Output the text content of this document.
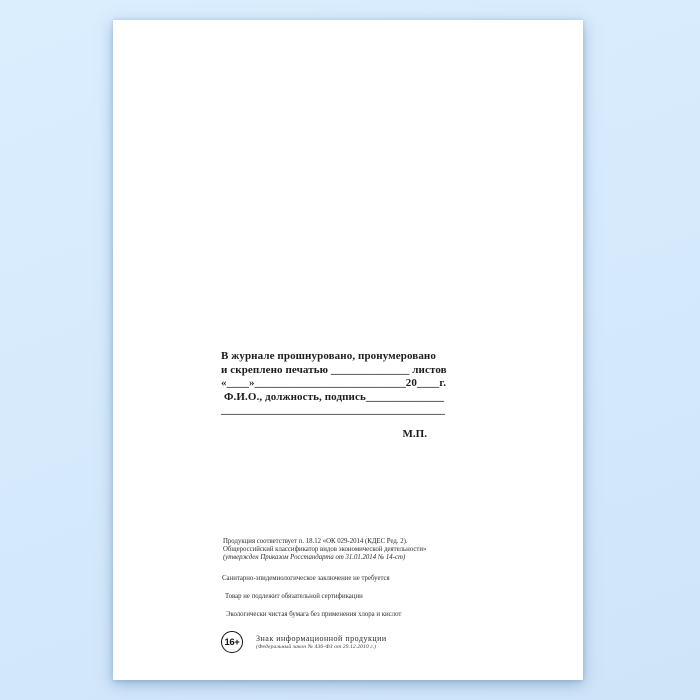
В журнале прошнуровано, пронумеровано
и скреплено печатью ______________ листов
«____»___________________________20____г.
Ф.И.О., должность, подпись______________
________________________________________
М.П.
Продукция соответствует п. 18.12 «ОК 029-2014 (КДЕС Ред. 2).
Общероссийский классификатор видов экономической деятельности»
(утвержден Приказом Росстандарта от 31.01.2014 № 14-ст)
Санитарно-эпидемиологическое заключение не требуется
Товар не подлежит обязательной сертификации
Экологически чистая бумага без применения хлора и кислот
16+	Знак информационной продукции
(Федеральный закон № 436-ФЗ от 29.12.2010 г.)
